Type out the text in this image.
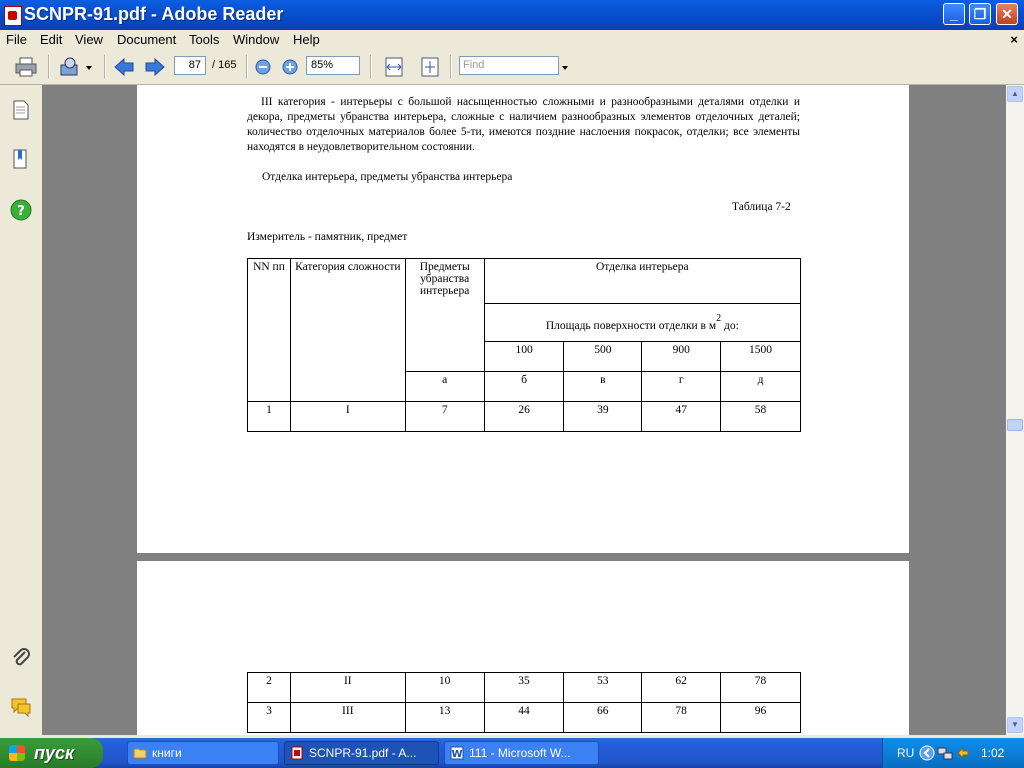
SCNPR-91.pdf - Adobe Reader	_	❐	✕
File Edit View Document Tools Window Help	×
87	/ 165	85%	Find
?
III категория - интерьеры с большой насыщенностью сложными и разнообразными деталями отделки и декора, предметы убранства интерьера, сложные с наличием разнообразных элементов отделочных деталей; количество отделочных материалов более 5-ти, имеются поздние наслоения покрасок, отделки; все элементы находятся в неудовлетворительном состоянии.
Отделка интерьера, предметы убранства интерьера
Таблица 7-2
Измеритель - памятник, предмет
NN пп	Категория сложности	Предметы убранства интерьера	Отделка интерьера			
			Площадь поверхности отделки в $м^2$ до:			
			100	500	900	1500
		а	б	в	г	д
1	I	7	26	39	47	58
2	II	10	35	53	62	78
3	III	13	44	66	78	96
▲
▼
пуск	книги	SCNPR-91.pdf - A...	W 111 - Microsoft W...	RU	1:02
